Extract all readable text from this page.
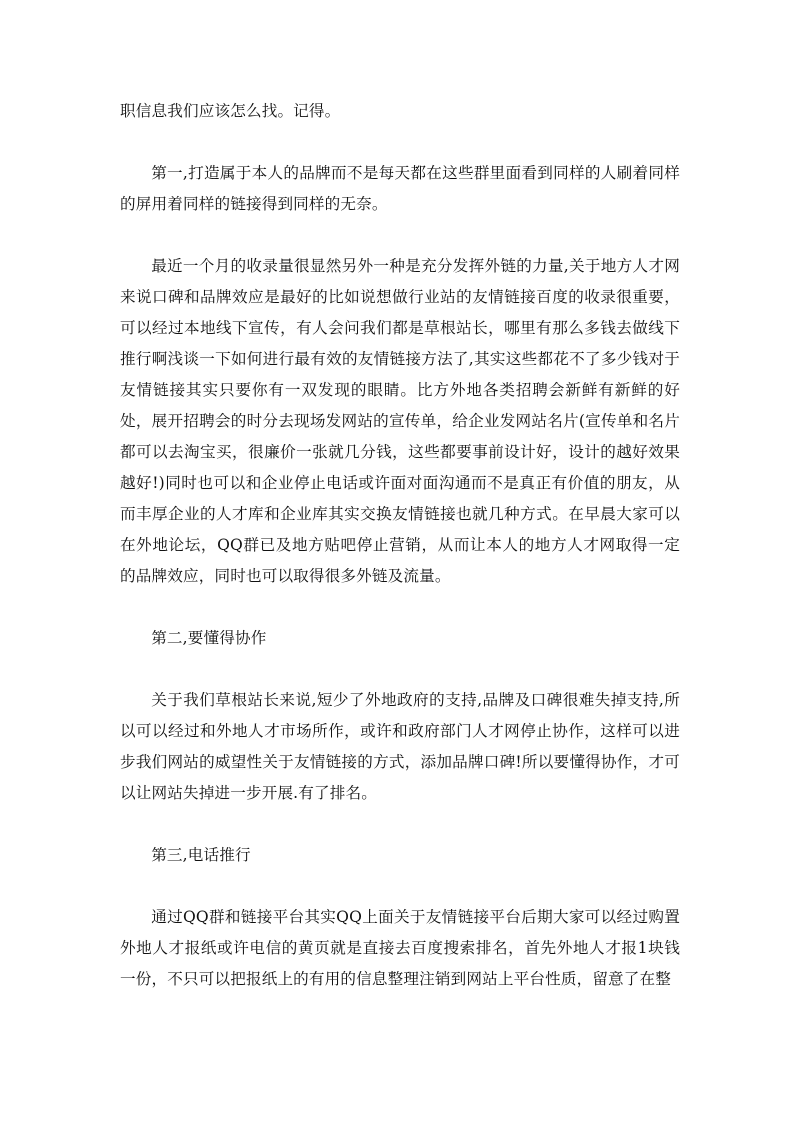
职信息我们应该怎么找。记得。

第一,打造属于本人的品牌而不是每天都在这些群里面看到同样的人刷着同样的屏用着同样的链接得到同样的无奈。

最近一个月的收录量很显然另外一种是充分发挥外链的力量,关于地方人才网来说口碑和品牌效应是最好的比如说想做行业站的友情链接百度的收录很重要，可以经过本地线下宣传，有人会问我们都是草根站长，哪里有那么多钱去做线下推行啊浅谈一下如何进行最有效的友情链接方法了,其实这些都花不了多少钱对于友情链接其实只要你有一双发现的眼睛。比方外地各类招聘会新鲜有新鲜的好处，展开招聘会的时分去现场发网站的宣传单，给企业发网站名片(宣传单和名片都可以去淘宝买，很廉价一张就几分钱，这些都要事前设计好，设计的越好效果越好!)同时也可以和企业停止电话或许面对面沟通而不是真正有价值的朋友，从而丰厚企业的人才库和企业库其实交换友情链接也就几种方式。在早晨大家可以在外地论坛，QQ群已及地方贴吧停止营销，从而让本人的地方人才网取得一定的品牌效应，同时也可以取得很多外链及流量。

第二,要懂得协作

关于我们草根站长来说,短少了外地政府的支持,品牌及口碑很难失掉支持,所以可以经过和外地人才市场所作，或许和政府部门人才网停止协作，这样可以进步我们网站的威望性关于友情链接的方式，添加品牌口碑!所以要懂得协作，才可以让网站失掉进一步开展.有了排名。

第三,电话推行

通过QQ群和链接平台其实QQ上面关于友情链接平台后期大家可以经过购置外地人才报纸或许电信的黄页就是直接去百度搜索排名，首先外地人才报1块钱一份，不只可以把报纸上的有用的信息整理注销到网站上平台性质，留意了在整
